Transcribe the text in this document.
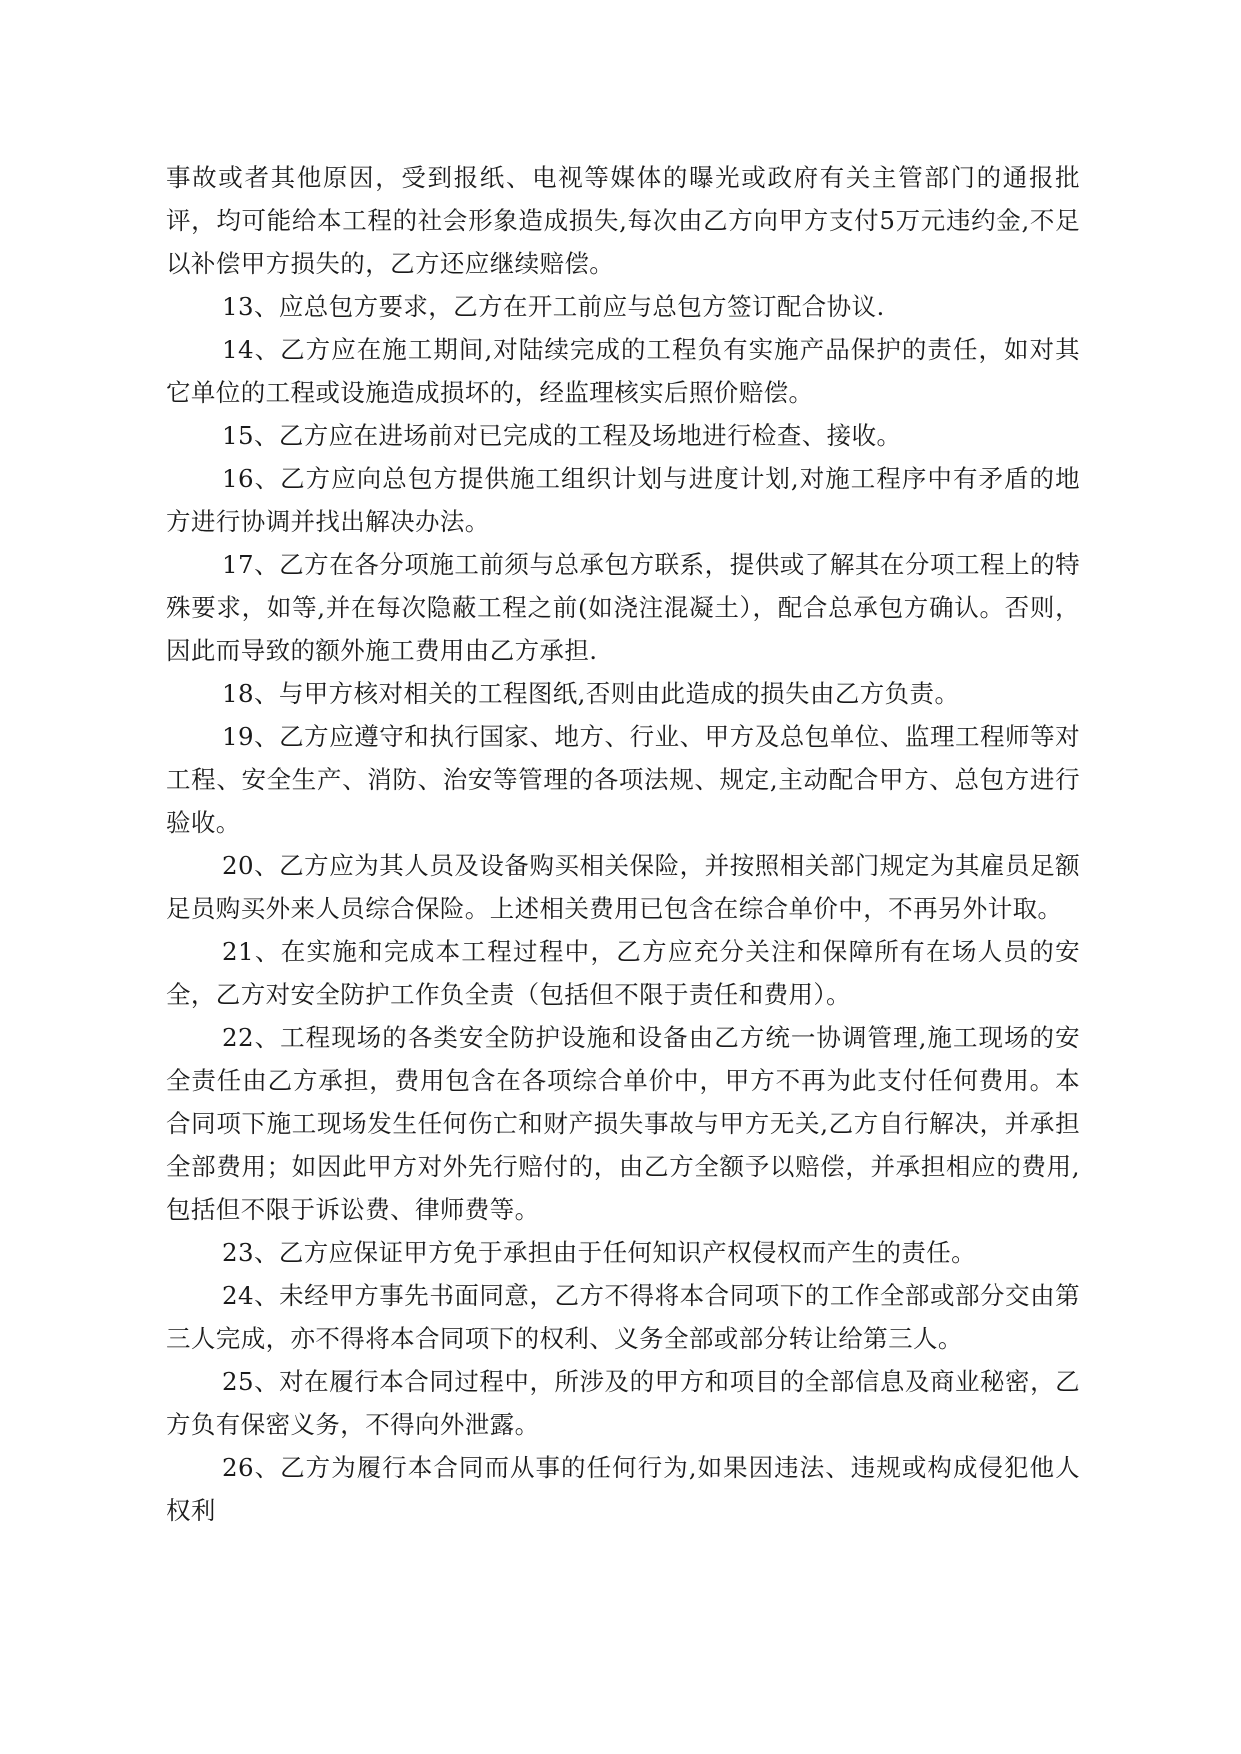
事故或者其他原因，受到报纸、电视等媒体的曝光或政府有关主管部门的通报批评，均可能给本工程的社会形象造成损失,每次由乙方向甲方支付5万元违约金,不足以补偿甲方损失的，乙方还应继续赔偿。

13、应总包方要求，乙方在开工前应与总包方签订配合协议.

14、乙方应在施工期间,对陆续完成的工程负有实施产品保护的责任，如对其它单位的工程或设施造成损坏的，经监理核实后照价赔偿。

15、乙方应在进场前对已完成的工程及场地进行检查、接收。

16、乙方应向总包方提供施工组织计划与进度计划,对施工程序中有矛盾的地方进行协调并找出解决办法。

17、乙方在各分项施工前须与总承包方联系，提供或了解其在分项工程上的特殊要求，如等,并在每次隐蔽工程之前(如浇注混凝土），配合总承包方确认。否则，因此而导致的额外施工费用由乙方承担.

18、与甲方核对相关的工程图纸,否则由此造成的损失由乙方负责。

19、乙方应遵守和执行国家、地方、行业、甲方及总包单位、监理工程师等对工程、安全生产、消防、治安等管理的各项法规、规定,主动配合甲方、总包方进行验收。

20、乙方应为其人员及设备购买相关保险，并按照相关部门规定为其雇员足额足员购买外来人员综合保险。上述相关费用已包含在综合单价中，不再另外计取。

21、在实施和完成本工程过程中，乙方应充分关注和保障所有在场人员的安全，乙方对安全防护工作负全责（包括但不限于责任和费用）。

22、工程现场的各类安全防护设施和设备由乙方统一协调管理,施工现场的安全责任由乙方承担，费用包含在各项综合单价中，甲方不再为此支付任何费用。本合同项下施工现场发生任何伤亡和财产损失事故与甲方无关,乙方自行解决，并承担全部费用；如因此甲方对外先行赔付的，由乙方全额予以赔偿，并承担相应的费用,包括但不限于诉讼费、律师费等。

23、乙方应保证甲方免于承担由于任何知识产权侵权而产生的责任。

24、未经甲方事先书面同意，乙方不得将本合同项下的工作全部或部分交由第三人完成，亦不得将本合同项下的权利、义务全部或部分转让给第三人。

25、对在履行本合同过程中，所涉及的甲方和项目的全部信息及商业秘密，乙方负有保密义务，不得向外泄露。

26、乙方为履行本合同而从事的任何行为,如果因违法、违规或构成侵犯他人权利
